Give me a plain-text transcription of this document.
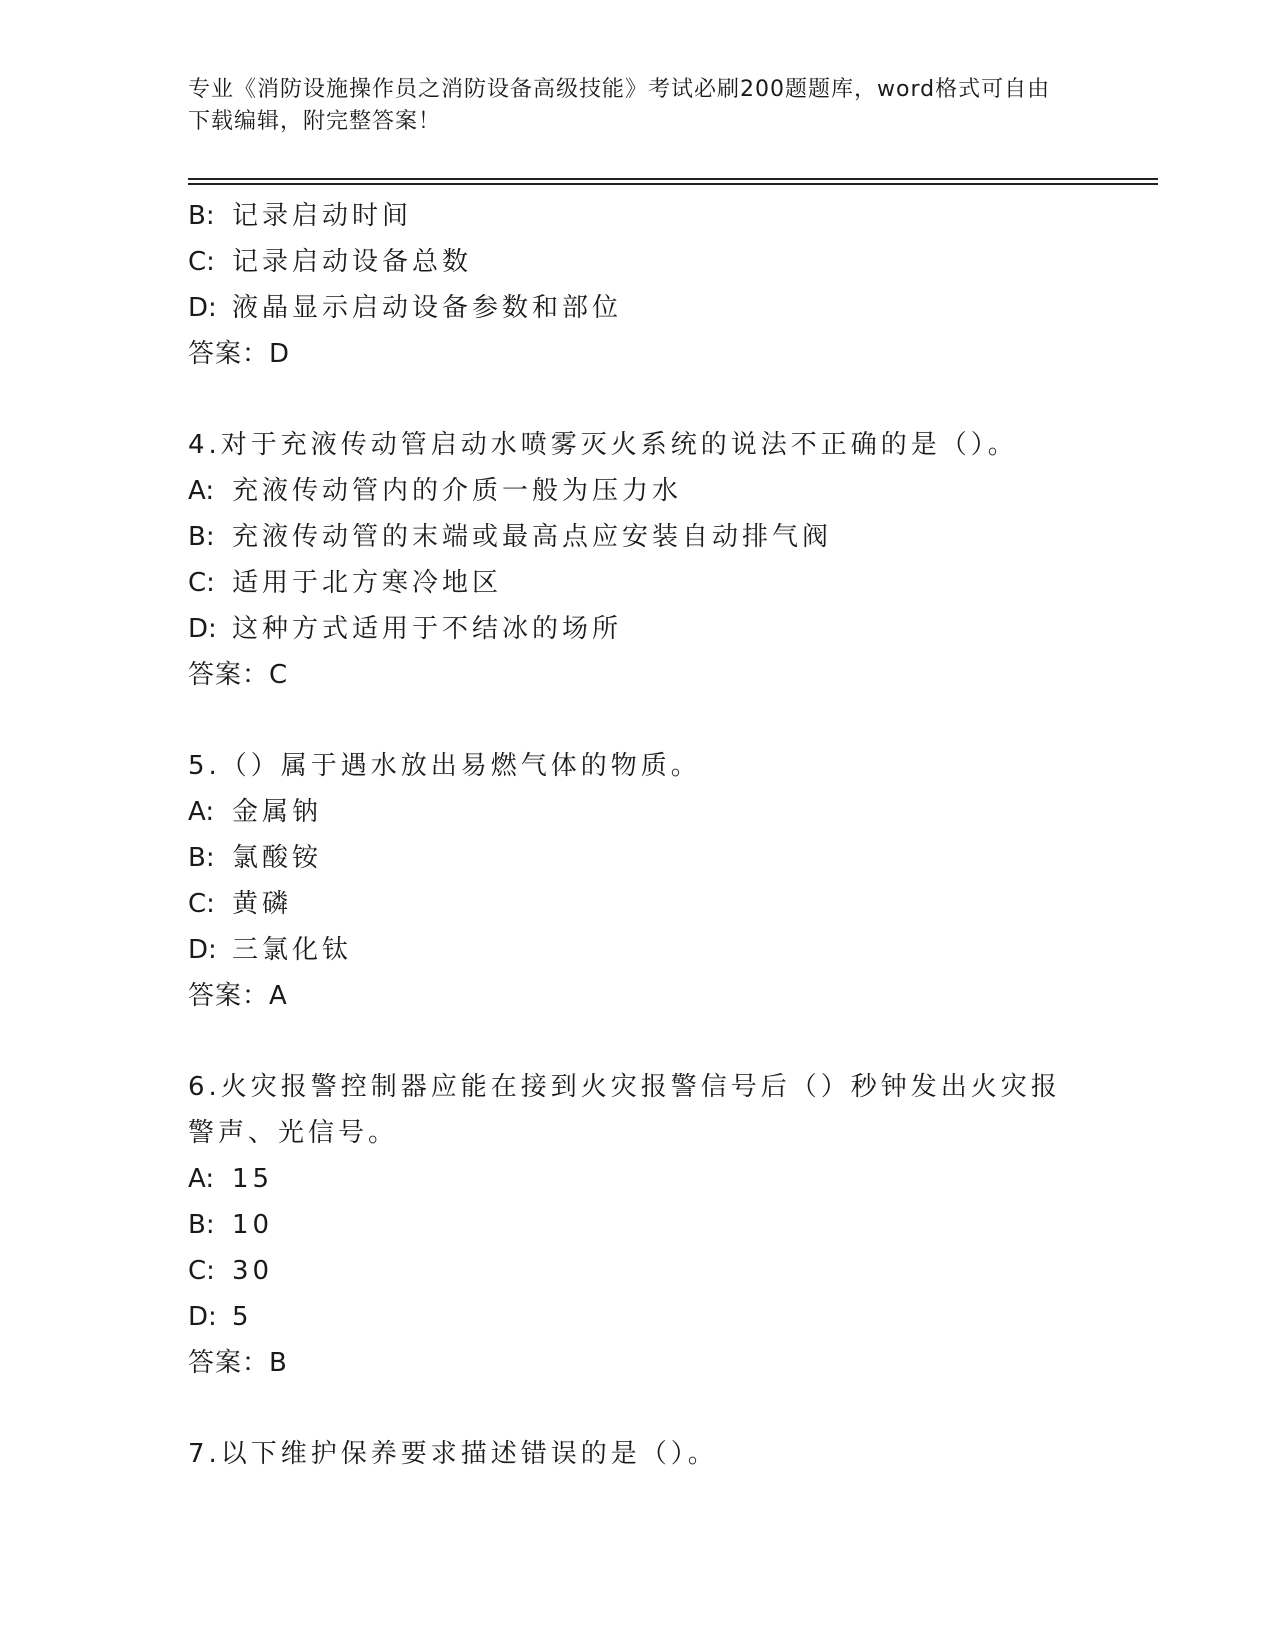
专业《消防设施操作员之消防设备高级技能》考试必刷200题题库，word格式可自由下载编辑，附完整答案！
B: 记录启动时间
C: 记录启动设备总数
D: 液晶显示启动设备参数和部位
答案：D
4.对于充液传动管启动水喷雾灭火系统的说法不正确的是（）。
A: 充液传动管内的介质一般为压力水
B: 充液传动管的末端或最高点应安装自动排气阀
C: 适用于北方寒冷地区
D: 这种方式适用于不结冰的场所
答案：C
5.（）属于遇水放出易燃气体的物质。
A: 金属钠
B: 氯酸铵
C: 黄磷
D: 三氯化钛
答案：A
6.火灾报警控制器应能在接到火灾报警信号后（）秒钟发出火灾报警声、光信号。
A: 15
B: 10
C: 30
D: 5
答案：B
7.以下维护保养要求描述错误的是（）。
